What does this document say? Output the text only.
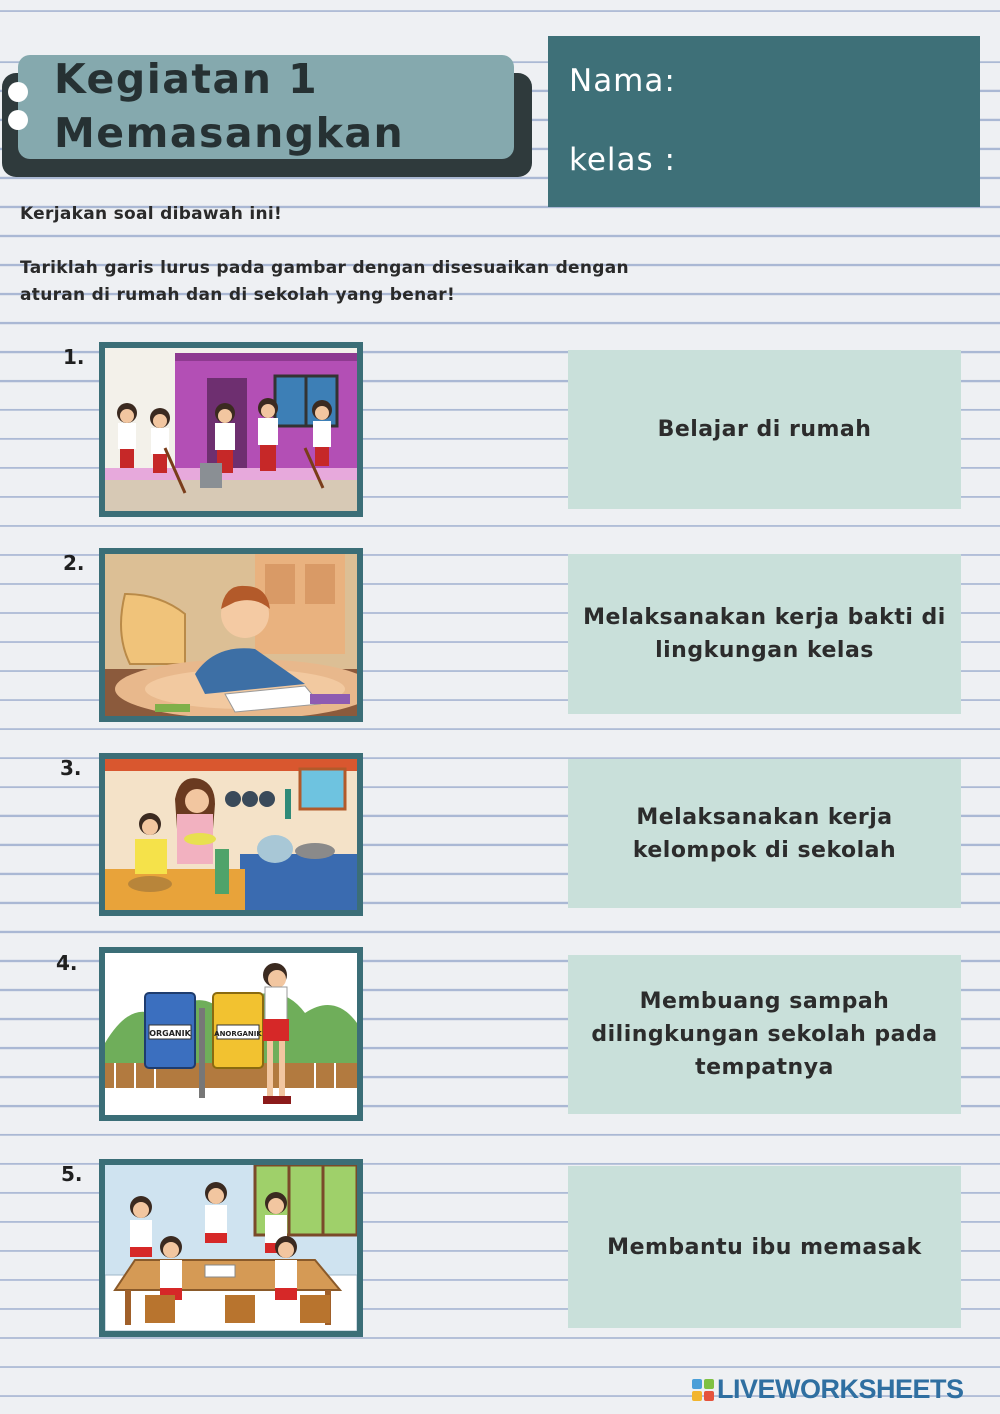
Kegiatan 1
Memasangkan
Nama:
kelas :
Kerjakan soal dibawah ini!
Tariklah garis lurus pada gambar dengan disesuaikan dengan
aturan di rumah dan di sekolah yang benar!
1.
Belajar di rumah
2.
Melaksanakan kerja bakti di lingkungan kelas
3.
Melaksanakan kerja kelompok di sekolah
4.
ORGANIK	ANORGANIK
Membuang sampah dilingkungan sekolah pada tempatnya
5.
Membantu ibu memasak
LIVEWORKSHEETS
